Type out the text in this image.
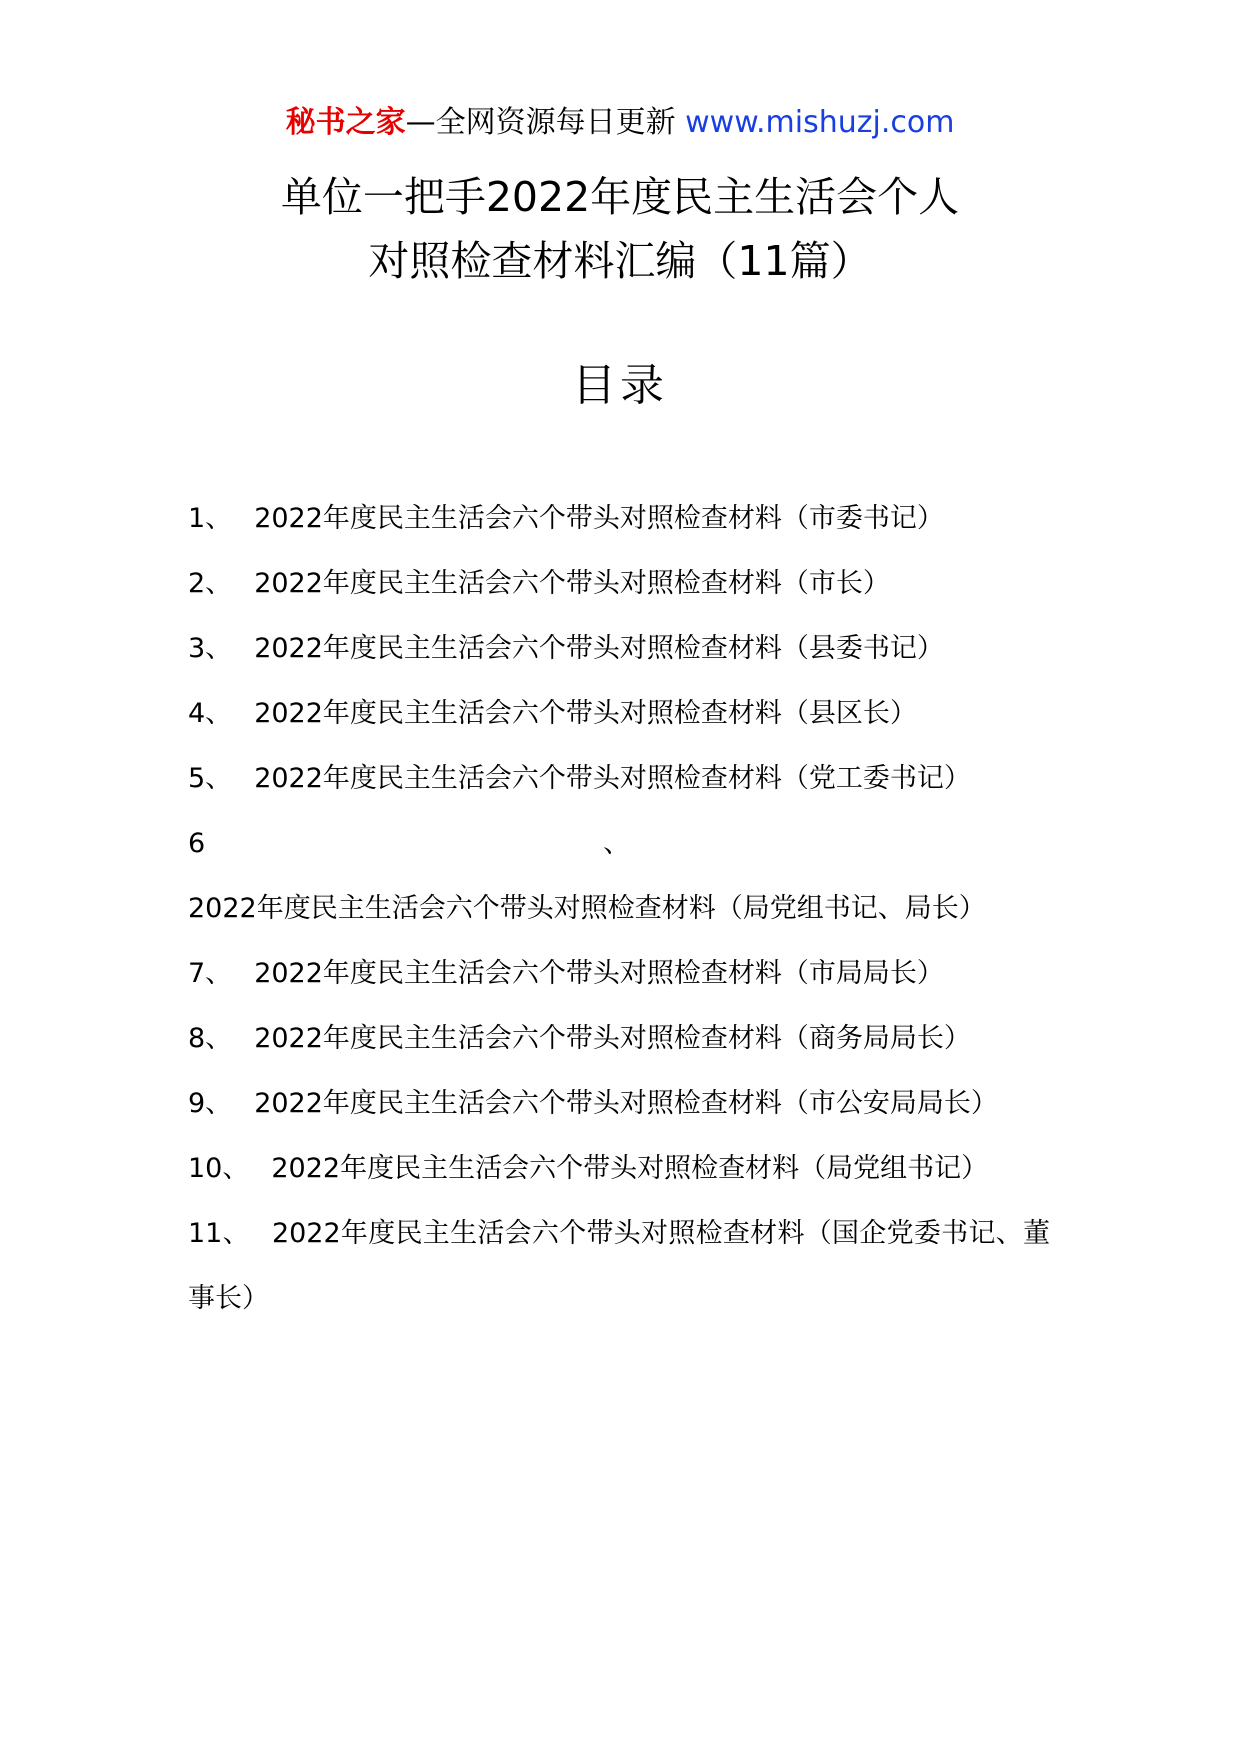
秘书之家—全网资源每日更新 www.mishuzj.com
单位一把手2022年度民主生活会个人
对照检查材料汇编（11篇）
目录
1、 2022年度民主生活会六个带头对照检查材料（市委书记）
2、 2022年度民主生活会六个带头对照检查材料（市长）
3、 2022年度民主生活会六个带头对照检查材料（县委书记）
4、 2022年度民主生活会六个带头对照检查材料（县区长）
5、 2022年度民主生活会六个带头对照检查材料（党工委书记）
6、2022年度民主生活会六个带头对照检查材料（局党组书记、局长）
7、 2022年度民主生活会六个带头对照检查材料（市局局长）
8、 2022年度民主生活会六个带头对照检查材料（商务局局长）
9、 2022年度民主生活会六个带头对照检查材料（市公安局局长）
10、 2022年度民主生活会六个带头对照检查材料（局党组书记）
11、 2022年度民主生活会六个带头对照检查材料（国企党委书记、董事长）
